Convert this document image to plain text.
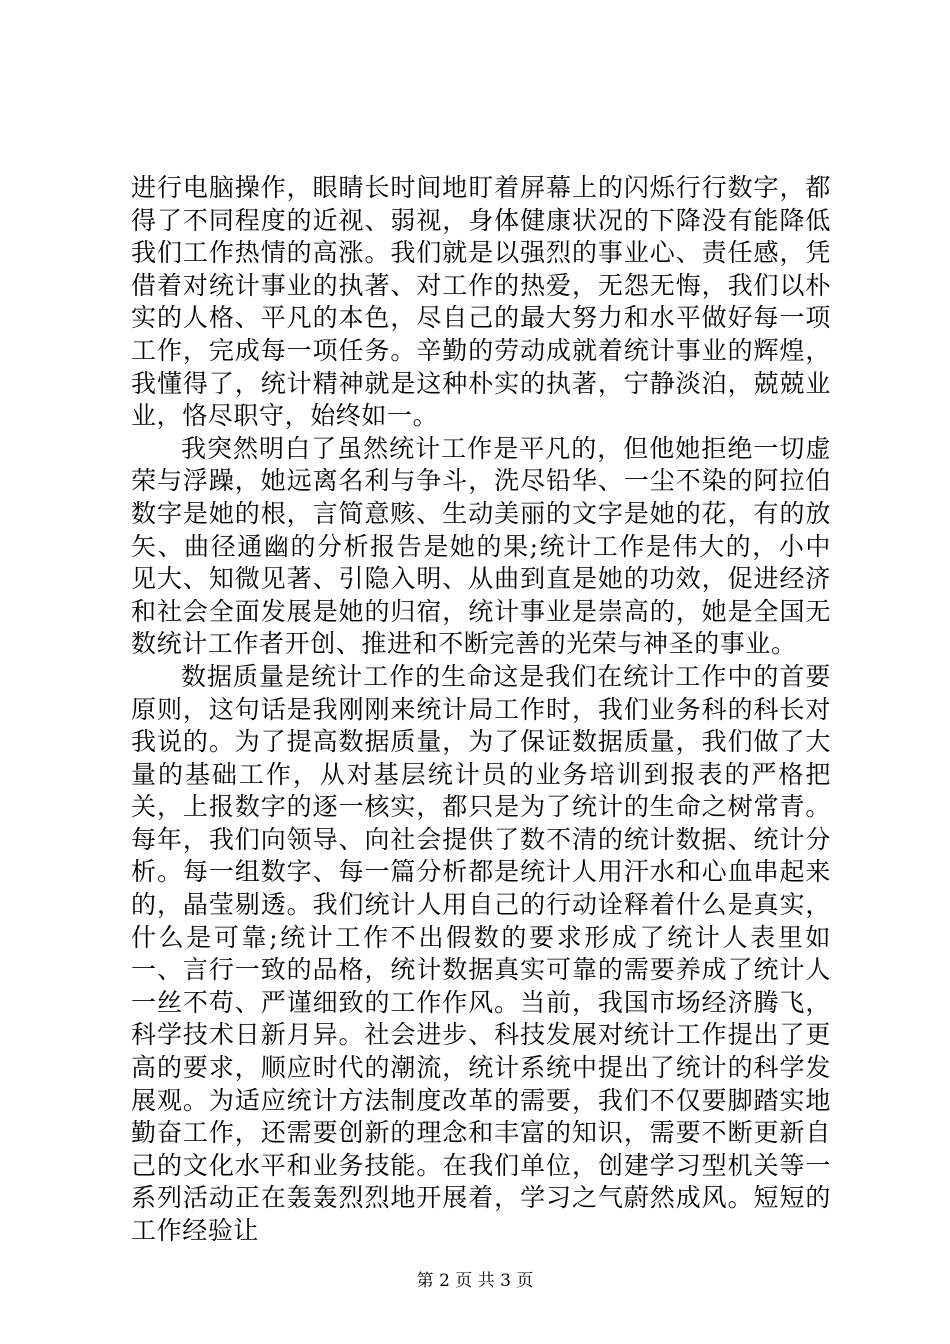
进行电脑操作，眼睛长时间地盯着屏幕上的闪烁行行数字，都得了不同程度的近视、弱视，身体健康状况的下降没有能降低我们工作热情的高涨。我们就是以强烈的事业心、责任感，凭借着对统计事业的执著、对工作的热爱，无怨无悔，我们以朴实的人格、平凡的本色，尽自己的最大努力和水平做好每一项工作，完成每一项任务。辛勤的劳动成就着统计事业的辉煌，我懂得了，统计精神就是这种朴实的执著，宁静淡泊，兢兢业业，恪尽职守，始终如一。

我突然明白了虽然统计工作是平凡的，但他她拒绝一切虚荣与浮躁，她远离名利与争斗，洗尽铅华、一尘不染的阿拉伯数字是她的根，言简意赅、生动美丽的文字是她的花，有的放矢、曲径通幽的分析报告是她的果;统计工作是伟大的，小中见大、知微见著、引隐入明、从曲到直是她的功效，促进经济和社会全面发展是她的归宿，统计事业是崇高的，她是全国无数统计工作者开创、推进和不断完善的光荣与神圣的事业。

数据质量是统计工作的生命这是我们在统计工作中的首要原则，这句话是我刚刚来统计局工作时，我们业务科的科长对我说的。为了提高数据质量，为了保证数据质量，我们做了大量的基础工作，从对基层统计员的业务培训到报表的严格把关，上报数字的逐一核实，都只是为了统计的生命之树常青。每年，我们向领导、向社会提供了数不清的统计数据、统计分析。每一组数字、每一篇分析都是统计人用汗水和心血串起来的，晶莹剔透。我们统计人用自己的行动诠释着什么是真实，什么是可靠;统计工作不出假数的要求形成了统计人表里如一、言行一致的品格，统计数据真实可靠的需要养成了统计人一丝不苟、严谨细致的工作作风。当前，我国市场经济腾飞，科学技术日新月异。社会进步、科技发展对统计工作提出了更高的要求，顺应时代的潮流，统计系统中提出了统计的科学发展观。为适应统计方法制度改革的需要，我们不仅要脚踏实地勤奋工作，还需要创新的理念和丰富的知识，需要不断更新自己的文化水平和业务技能。在我们单位，创建学习型机关等一系列活动正在轰轰烈烈地开展着，学习之气蔚然成风。短短的工作经验让

第 2 页 共 3 页
